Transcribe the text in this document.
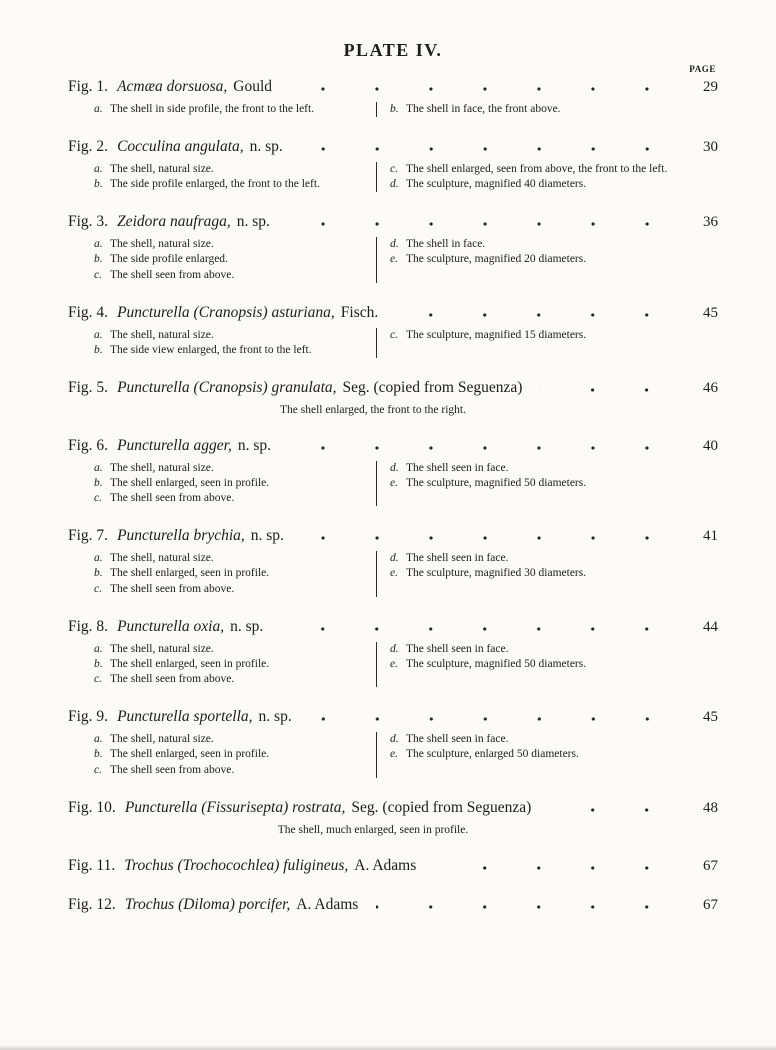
PLATE IV.
PAGE
Fig. 1. Acmæa dorsuosa, Gould	29
a. The shell in side profile, the front to the left.	b. The shell in face, the front above.
Fig. 2. Cocculina angulata, n. sp.	30
a. The shell, natural size.
b. The side profile enlarged, the front to the left.
c. The shell enlarged, seen from above, the front to the left.
d. The sculpture, magnified 40 diameters.
Fig. 3. Zeidora naufraga, n. sp.	36
a. The shell, natural size.
b. The side profile enlarged.
c. The shell seen from above.
d. The shell in face.
e. The sculpture, magnified 20 diameters.
Fig. 4. Puncturella (Cranopsis) asturiana, Fisch.	45
a. The shell, natural size.
b. The side view enlarged, the front to the left.
c. The sculpture, magnified 15 diameters.
Fig. 5. Puncturella (Cranopsis) granulata, Seg. (copied from Seguenza)	46
The shell enlarged, the front to the right.
Fig. 6. Puncturella agger, n. sp.	40
a. The shell, natural size.
b. The shell enlarged, seen in profile.
c. The shell seen from above.
d. The shell seen in face.
e. The sculpture, magnified 50 diameters.
Fig. 7. Puncturella brychia, n. sp.	41
a. The shell, natural size.
b. The shell enlarged, seen in profile.
c. The shell seen from above.
d. The shell seen in face.
e. The sculpture, magnified 30 diameters.
Fig. 8. Puncturella oxia, n. sp.	44
a. The shell, natural size.
b. The shell enlarged, seen in profile.
c. The shell seen from above.
d. The shell seen in face.
e. The sculpture, magnified 50 diameters.
Fig. 9. Puncturella sportella, n. sp.	45
a. The shell, natural size.
b. The shell enlarged, seen in profile.
c. The shell seen from above.
d. The shell seen in face.
e. The sculpture, enlarged 50 diameters.
Fig. 10. Puncturella (Fissurisepta) rostrata, Seg. (copied from Seguenza)	48
The shell, much enlarged, seen in profile.
Fig. 11. Trochus (Trochocochlea) fuligineus, A. Adams	67
Fig. 12. Trochus (Diloma) porcifer, A. Adams	67
